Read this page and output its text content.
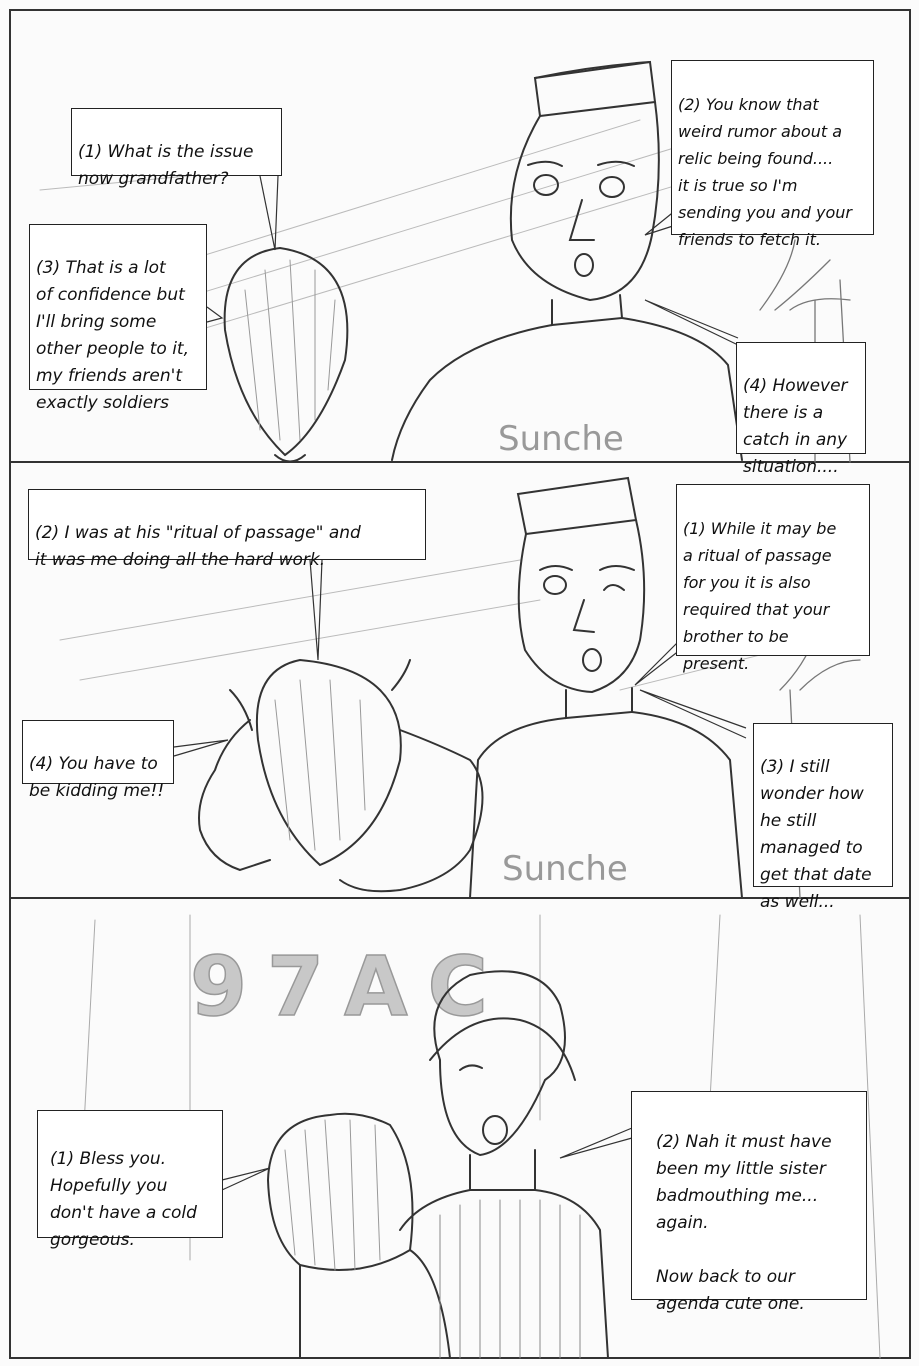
Sunche
Sunche
97AC

(1) What is the issue
now grandfather?

(2) You know that
weird rumor about a
relic being found....
it is true so I'm
sending you and your
friends to fetch it.

(3) That is a lot
of confidence but
I'll bring some
other people to it,
my friends aren't
exactly soldiers

(4) However
there is a
catch in any
situation....

(1) While it may be
a ritual of passage
for you it is also
required that your
brother to be
present.

(2) I was at his "ritual of passage" and
it was me doing all the hard work.

(3) I still
wonder how
he still
managed to
get that date
as well...

(4) You have to
be kidding me!!

(1) Bless you.
Hopefully you
don't have a cold
gorgeous.

(2) Nah it must have
been my little sister
badmouthing me...
again.

Now back to our
agenda cute one.
